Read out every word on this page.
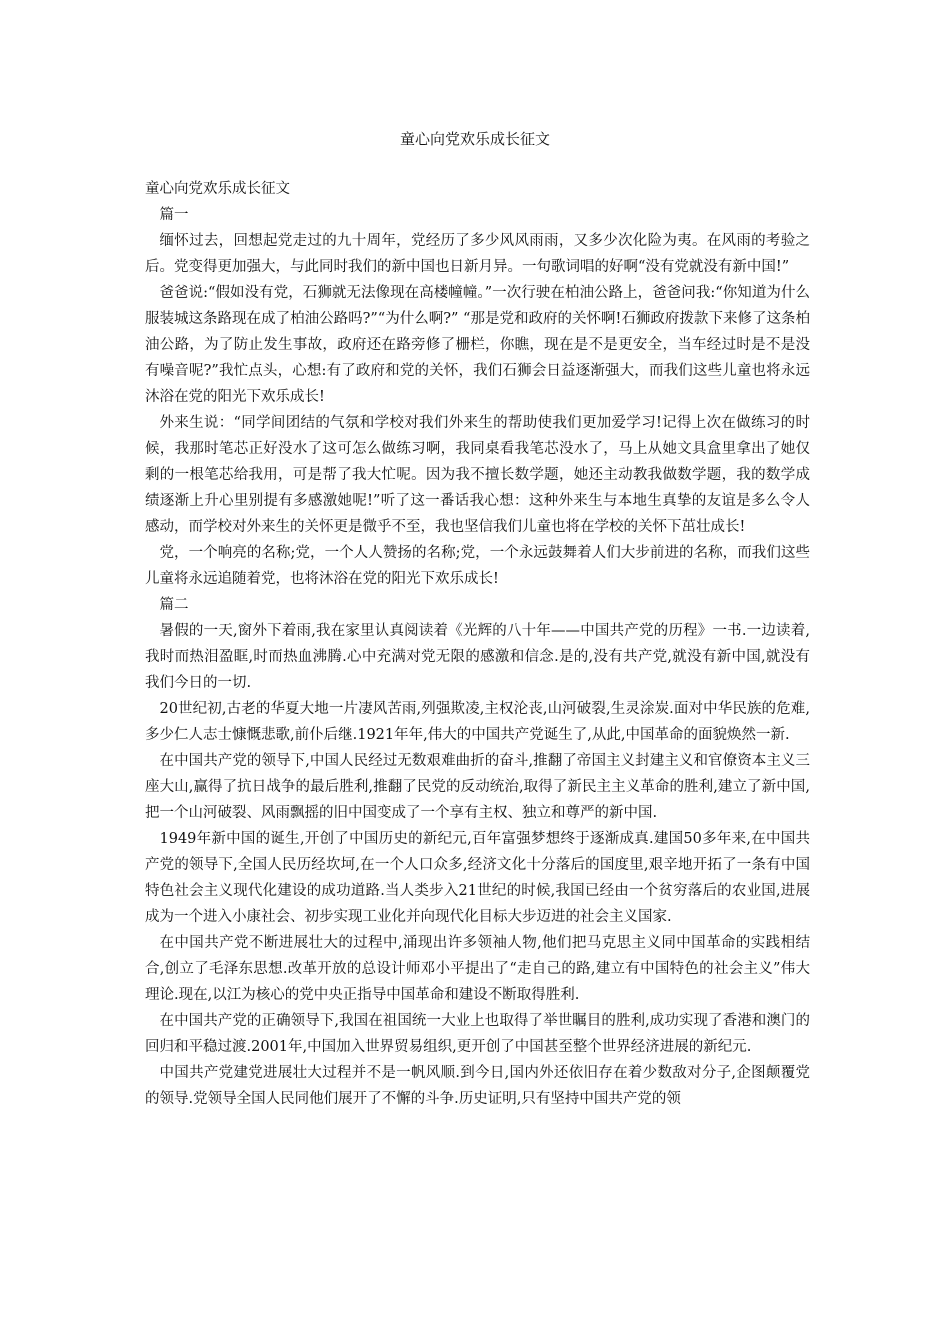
童心向党欢乐成长征文

童心向党欢乐成长征文

篇一

缅怀过去，回想起党走过的九十周年，党经历了多少风风雨雨，又多少次化险为夷。在风雨的考验之后。党变得更加强大，与此同时我们的新中国也日新月异。一句歌词唱的好啊“没有党就没有新中国!”

爸爸说:“假如没有党，石狮就无法像现在高楼幢幢。”一次行驶在柏油公路上，爸爸问我:“你知道为什么服装城这条路现在成了柏油公路吗?”“为什么啊?” “那是党和政府的关怀啊!石狮政府拨款下来修了这条柏油公路，为了防止发生事故，政府还在路旁修了栅栏，你瞧，现在是不是更安全，当车经过时是不是没有噪音呢?”我忙点头，心想:有了政府和党的关怀，我们石狮会日益逐渐强大，而我们这些儿童也将永远沐浴在党的阳光下欢乐成长!

外来生说：“同学间团结的气氛和学校对我们外来生的帮助使我们更加爱学习!记得上次在做练习的时候，我那时笔芯正好没水了这可怎么做练习啊，我同桌看我笔芯没水了，马上从她文具盒里拿出了她仅剩的一根笔芯给我用，可是帮了我大忙呢。因为我不擅长数学题，她还主动教我做数学题，我的数学成绩逐渐上升心里别提有多感激她呢!”听了这一番话我心想：这种外来生与本地生真挚的友谊是多么令人感动，而学校对外来生的关怀更是微乎不至，我也坚信我们儿童也将在学校的关怀下茁壮成长!

党，一个响亮的名称;党，一个人人赞扬的名称;党，一个永远鼓舞着人们大步前进的名称，而我们这些儿童将永远追随着党，也将沐浴在党的阳光下欢乐成长!

篇二

暑假的一天,窗外下着雨,我在家里认真阅读着《光辉的八十年——中国共产党的历程》一书.一边读着,我时而热泪盈眶,时而热血沸腾.心中充满对党无限的感激和信念.是的,没有共产党,就没有新中国,就没有我们今日的一切.

20世纪初,古老的华夏大地一片凄风苦雨,列强欺凌,主权沦丧,山河破裂,生灵涂炭.面对中华民族的危难,多少仁人志士慷慨悲歌,前仆后继.1921年年,伟大的中国共产党诞生了,从此,中国革命的面貌焕然一新.

在中国共产党的领导下,中国人民经过无数艰难曲折的奋斗,推翻了帝国主义封建主义和官僚资本主义三座大山,赢得了抗日战争的最后胜利,推翻了民党的反动统治,取得了新民主主义革命的胜利,建立了新中国,把一个山河破裂、风雨飘摇的旧中国变成了一个享有主权、独立和尊严的新中国.

1949年新中国的诞生,开创了中国历史的新纪元,百年富强梦想终于逐渐成真.建国50多年来,在中国共产党的领导下,全国人民历经坎坷,在一个人口众多,经济文化十分落后的国度里,艰辛地开拓了一条有中国特色社会主义现代化建设的成功道路.当人类步入21世纪的时候,我国已经由一个贫穷落后的农业国,进展成为一个进入小康社会、初步实现工业化并向现代化目标大步迈进的社会主义国家.

在中国共产党不断进展壮大的过程中,涌现出许多领袖人物,他们把马克思主义同中国革命的实践相结合,创立了毛泽东思想.改革开放的总设计师邓小平提出了“走自己的路,建立有中国特色的社会主义”伟大理论.现在,以江为核心的党中央正指导中国革命和建设不断取得胜利.

在中国共产党的正确领导下,我国在祖国统一大业上也取得了举世瞩目的胜利,成功实现了香港和澳门的回归和平稳过渡.2001年,中国加入世界贸易组织,更开创了中国甚至整个世界经济进展的新纪元.

中国共产党建党进展壮大过程并不是一帆风顺.到今日,国内外还依旧存在着少数敌对分子,企图颠覆党的领导.党领导全国人民同他们展开了不懈的斗争.历史证明,只有坚持中国共产党的领
